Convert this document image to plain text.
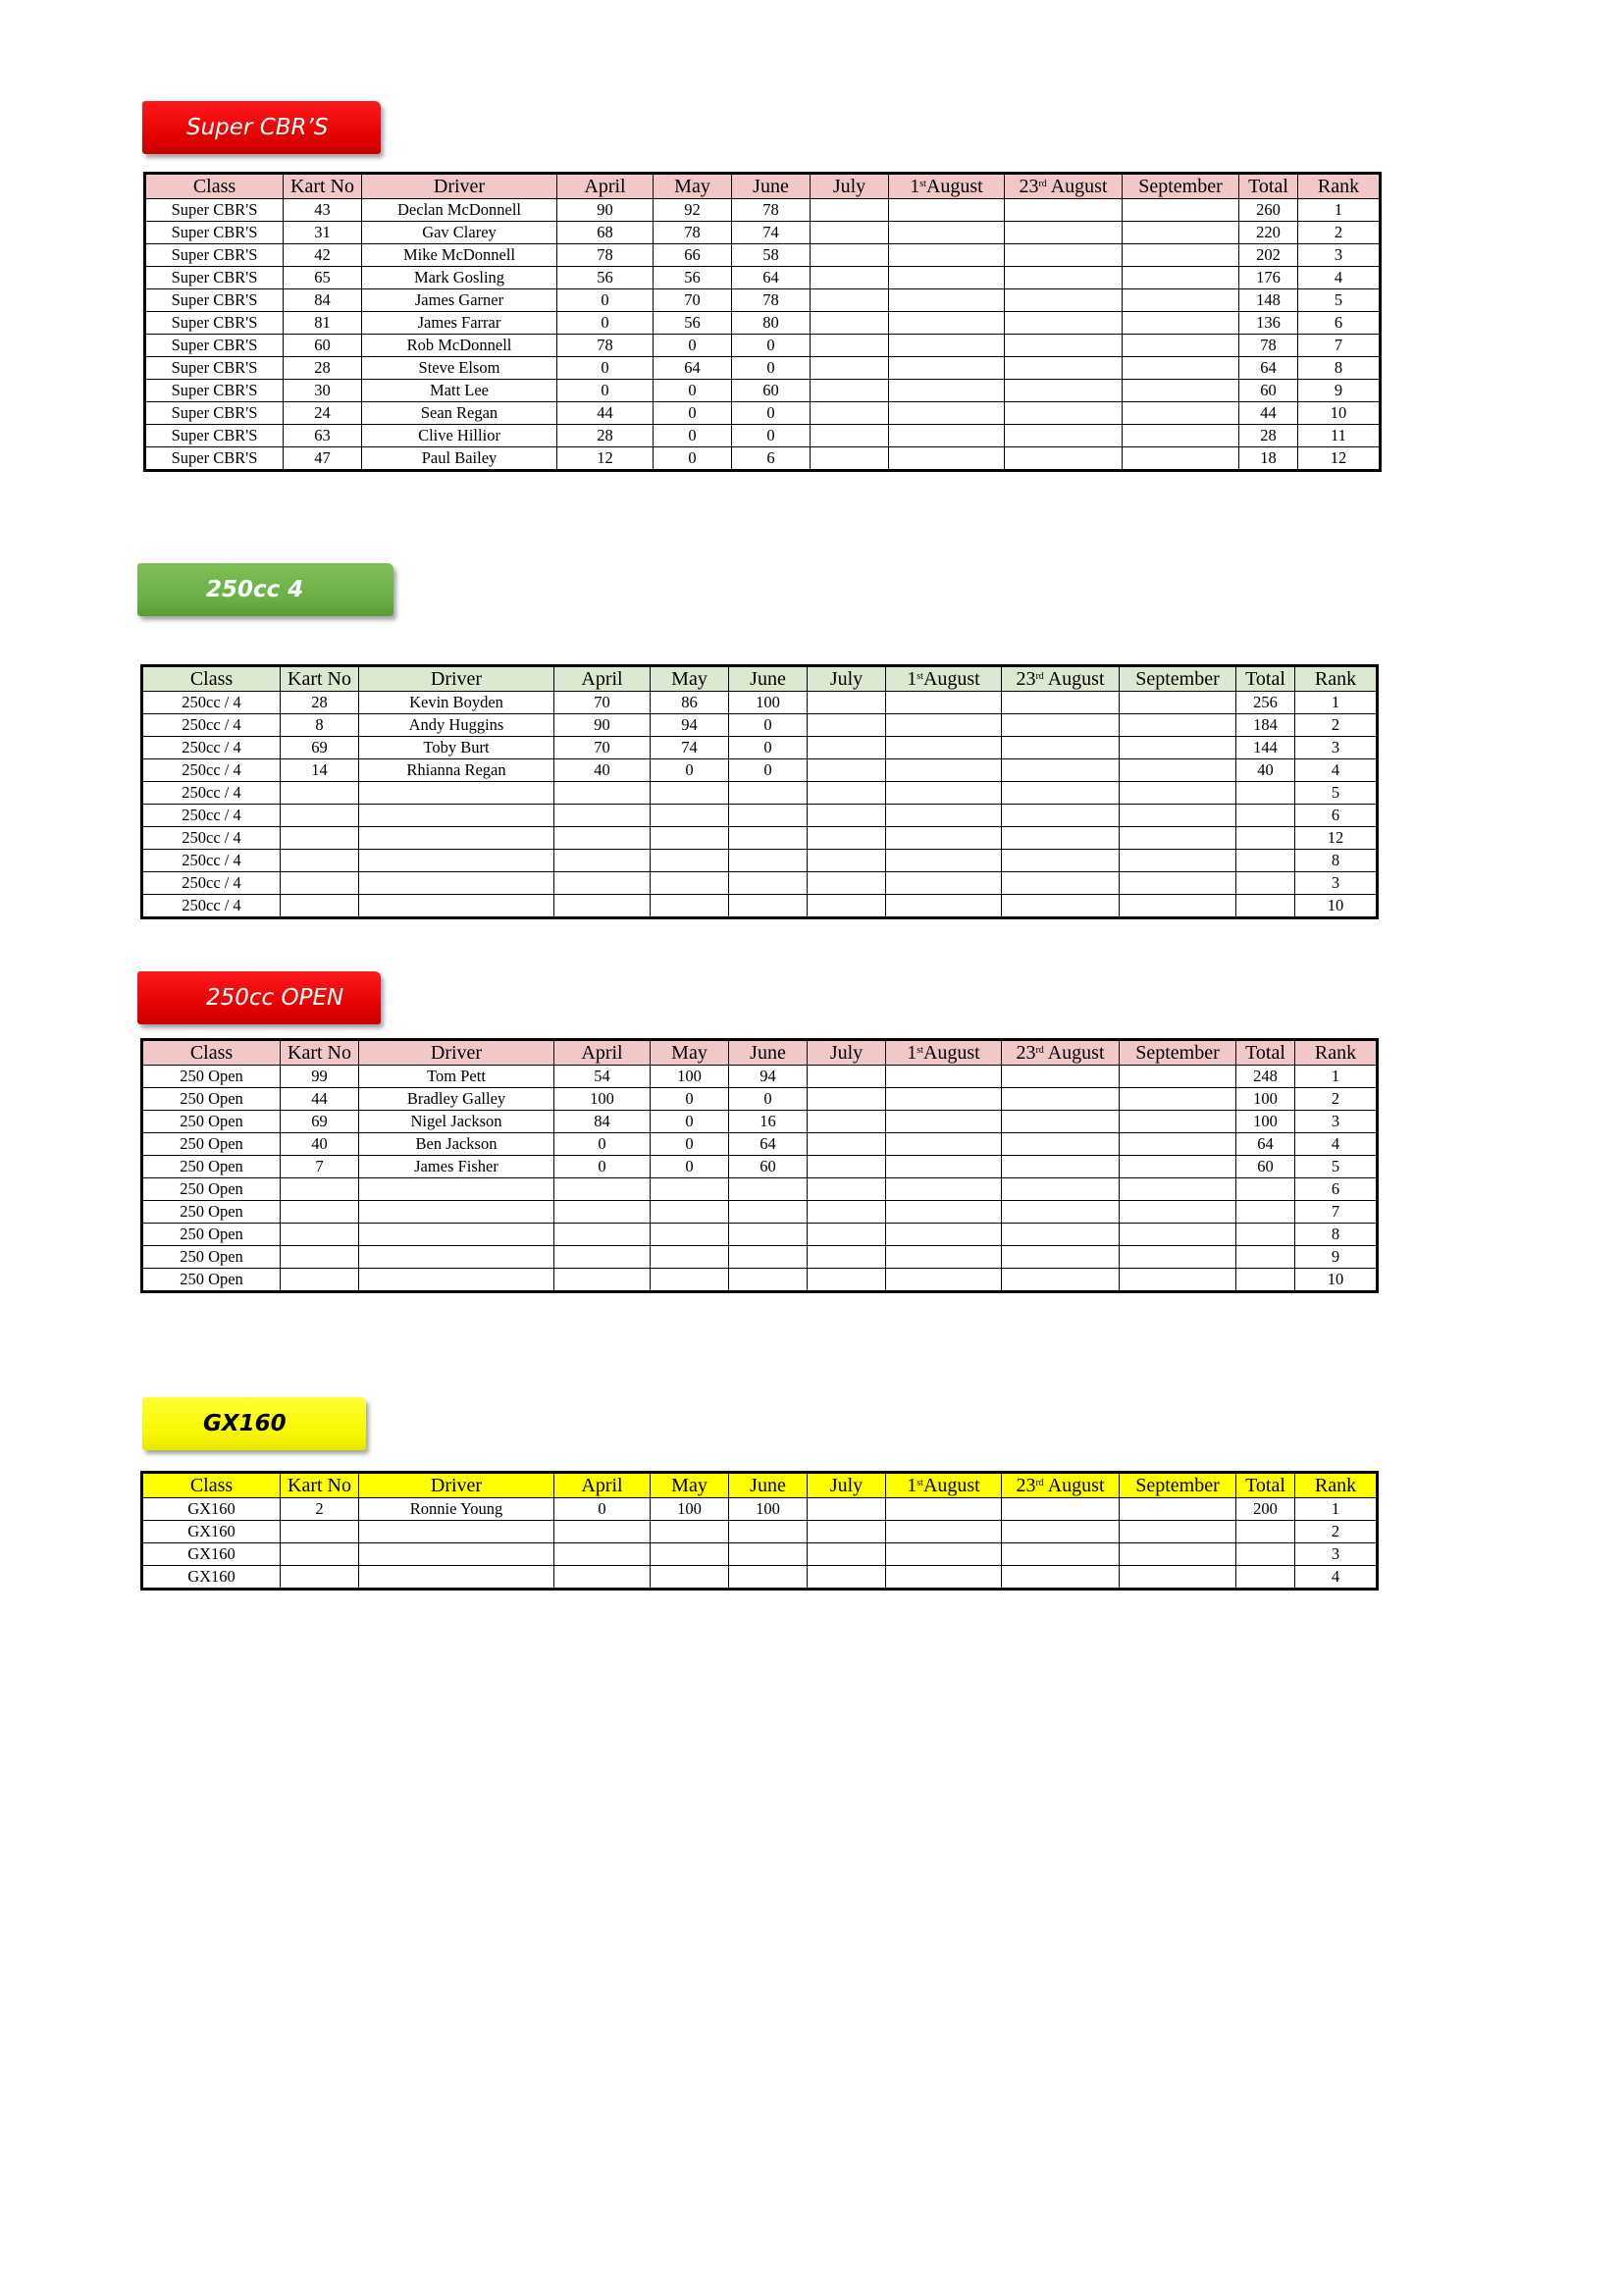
Super CBR’S
Class	Kart No	Driver	April	May	June	July	1stAugust	23rd August	September	Total	Rank
Super CBR'S	43	Declan McDonnell	90	92	78					260	1
Super CBR'S	31	Gav Clarey	68	78	74					220	2
Super CBR'S	42	Mike McDonnell	78	66	58					202	3
Super CBR'S	65	Mark Gosling	56	56	64					176	4
Super CBR'S	84	James Garner	0	70	78					148	5
Super CBR'S	81	James Farrar	0	56	80					136	6
Super CBR'S	60	Rob McDonnell	78	0	0					78	7
Super CBR'S	28	Steve Elsom	0	64	0					64	8
Super CBR'S	30	Matt Lee	0	0	60					60	9
Super CBR'S	24	Sean Regan	44	0	0					44	10
Super CBR'S	63	Clive Hillior	28	0	0					28	11
Super CBR'S	47	Paul Bailey	12	0	6					18	12
250cc 4
Class	Kart No	Driver	April	May	June	July	1stAugust	23rd August	September	Total	Rank
250cc / 4	28	Kevin Boyden	70	86	100					256	1
250cc / 4	8	Andy Huggins	90	94	0					184	2
250cc / 4	69	Toby Burt	70	74	0					144	3
250cc / 4	14	Rhianna Regan	40	0	0					40	4
250cc / 4											5
250cc / 4											6
250cc / 4											12
250cc / 4											8
250cc / 4											3
250cc / 4											10
250cc OPEN
Class	Kart No	Driver	April	May	June	July	1stAugust	23rd August	September	Total	Rank
250 Open	99	Tom Pett	54	100	94					248	1
250 Open	44	Bradley Galley	100	0	0					100	2
250 Open	69	Nigel Jackson	84	0	16					100	3
250 Open	40	Ben Jackson	0	0	64					64	4
250 Open	7	James Fisher	0	0	60					60	5
250 Open											6
250 Open											7
250 Open											8
250 Open											9
250 Open											10
GX160
Class	Kart No	Driver	April	May	June	July	1stAugust	23rd August	September	Total	Rank
GX160	2	Ronnie Young	0	100	100					200	1
GX160											2
GX160											3
GX160											4
